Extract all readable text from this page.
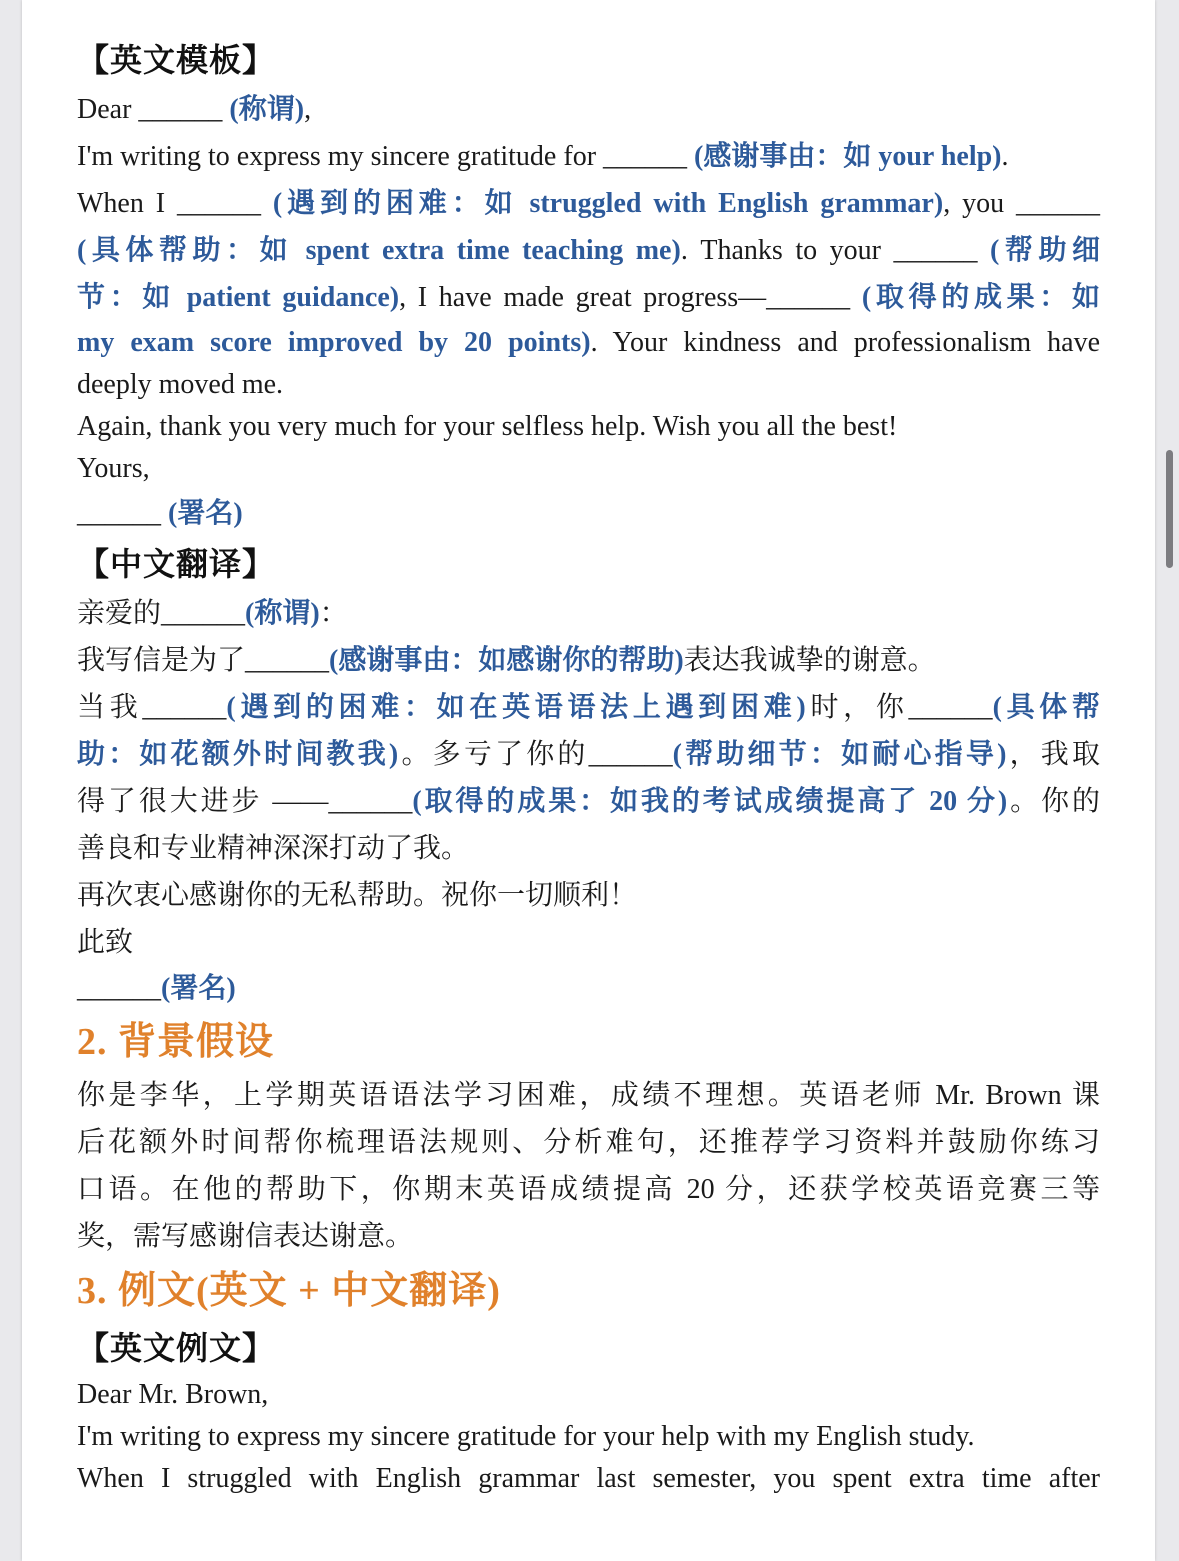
【英文模板】

Dear ______ (称谓),

I'm writing to express my sincere gratitude for ______ (感谢事由：如 your help).

When I ______ (遇到的困难：如 struggled with English grammar), you ______

(具体帮助：如 spent extra time teaching me). Thanks to your ______ (帮助细

节：如 patient guidance), I have made great progress—______ (取得的成果：如

my exam score improved by 20 points). Your kindness and professionalism have

deeply moved me.

Again, thank you very much for your selfless help. Wish you all the best!

Yours,

______ (署名)

【中文翻译】

亲爱的______(称谓)：

我写信是为了______(感谢事由：如感谢你的帮助)表达我诚挚的谢意。

当我______(遇到的困难：如在英语语法上遇到困难)时，你______(具体帮

助：如花额外时间教我)。多亏了你的______(帮助细节：如耐心指导)，我取

得了很大进步 ——______(取得的成果：如我的考试成绩提高了 20 分)。你的

善良和专业精神深深打动了我。

再次衷心感谢你的无私帮助。祝你一切顺利！

此致

______(署名)

2. 背景假设

你是李华，上学期英语语法学习困难，成绩不理想。英语老师 Mr. Brown 课

后花额外时间帮你梳理语法规则、分析难句，还推荐学习资料并鼓励你练习

口语。在他的帮助下，你期末英语成绩提高 20 分，还获学校英语竞赛三等

奖，需写感谢信表达谢意。

3. 例文(英文 + 中文翻译)

【英文例文】

Dear Mr. Brown,

I'm writing to express my sincere gratitude for your help with my English study.

When I struggled with English grammar last semester, you spent extra time after
